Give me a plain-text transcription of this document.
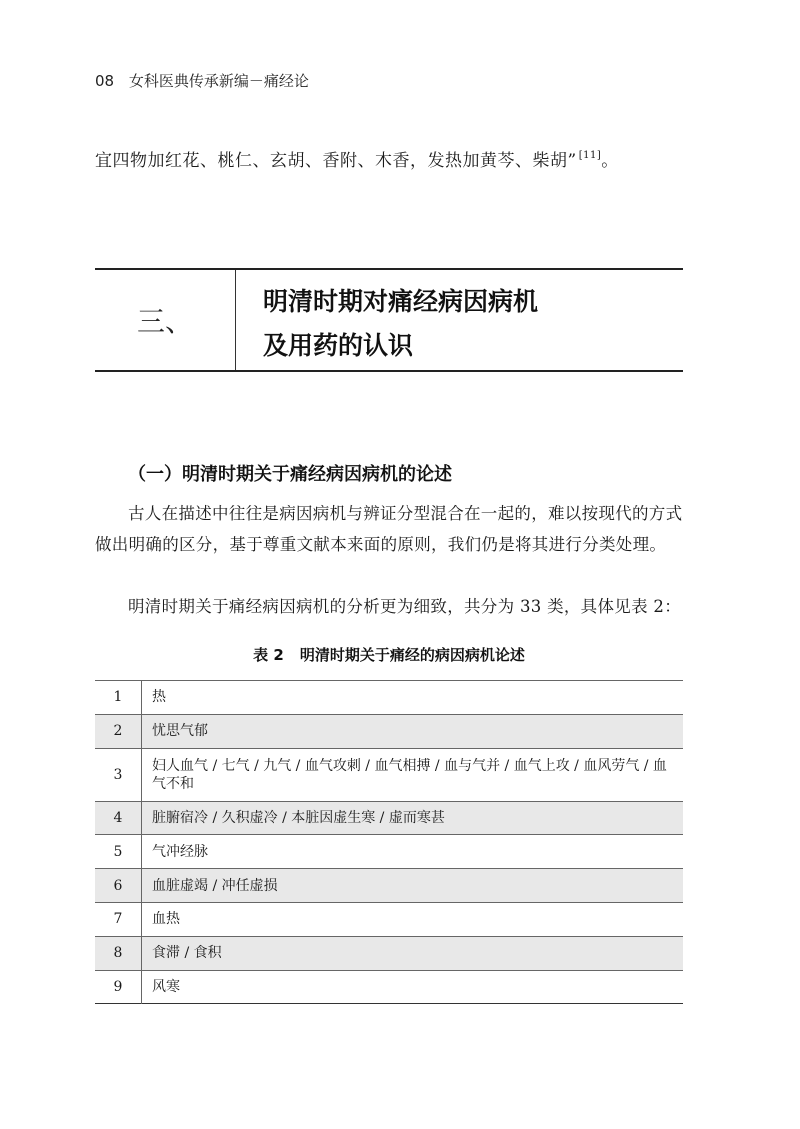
08 女科医典传承新编－痛经论
宜四物加红花、桃仁、玄胡、香附、木香，发热加黄芩、柴胡” [11]。
三、
明清时期对痛经病因病机
及用药的认识
（一）明清时期关于痛经病因病机的论述
古人在描述中往往是病因病机与辨证分型混合在一起的，难以按现代的方式做出明确的区分，基于尊重文献本来面的原则，我们仍是将其进行分类处理。
明清时期关于痛经病因病机的分析更为细致，共分为 33 类，具体见表 2：
表 2 明清时期关于痛经的病因病机论述
1	热
2	忧思气郁
3	妇人血气 / 七气 / 九气 / 血气攻刺 / 血气相搏 / 血与气并 / 血气上攻 / 血风劳气 / 血气不和
4	脏腑宿冷 / 久积虚冷 / 本脏因虚生寒 / 虚而寒甚
5	气冲经脉
6	血脏虚竭 / 冲任虚损
7	血热
8	食滞 / 食积
9	风寒
